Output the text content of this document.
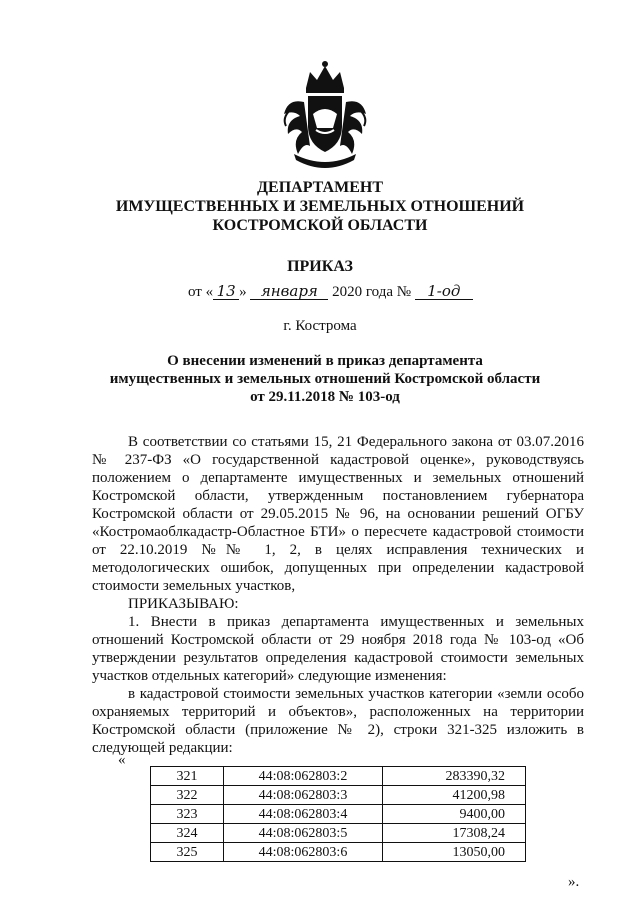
ДЕПАРТАМЕНТ
ИМУЩЕСТВЕННЫХ И ЗЕМЕЛЬНЫХ ОТНОШЕНИЙ
КОСТРОМСКОЙ ОБЛАСТИ
ПРИКАЗ
от « 13 » января 2020 года № 1-од
г. Кострома
О внесении изменений в приказ департамента
имущественных и земельных отношений Костромской области
от 29.11.2018 № 103-од

В соответствии со статьями 15, 21 Федерального закона от 03.07.2016 № 237-ФЗ «О государственной кадастровой оценке», руководствуясь положением о департаменте имущественных и земельных отношений Костромской области, утвержденным постановлением губернатора Костромской области от 29.05.2015 № 96, на основании решений ОГБУ «Костромаоблкадастр-Областное БТИ» о пересчете кадастровой стоимости от 22.10.2019 №№ 1, 2, в целях исправления технических и методологических ошибок, допущенных при определении кадастровой стоимости земельных участков,

ПРИКАЗЫВАЮ:

1. Внести в приказ департамента имущественных и земельных отношений Костромской области от 29 ноября 2018 года № 103-од «Об утверждении результатов определения кадастровой стоимости земельных участков отдельных категорий» следующие изменения:

в кадастровой стоимости земельных участков категории «земли особо охраняемых территорий и объектов», расположенных на территории Костромской области (приложение № 2), строки 321-325 изложить в следующей редакции:

«
321	44:08:062803:2	283390,32
322	44:08:062803:3	41200,98
323	44:08:062803:4	9400,00
324	44:08:062803:5	17308,24
325	44:08:062803:6	13050,00
».
